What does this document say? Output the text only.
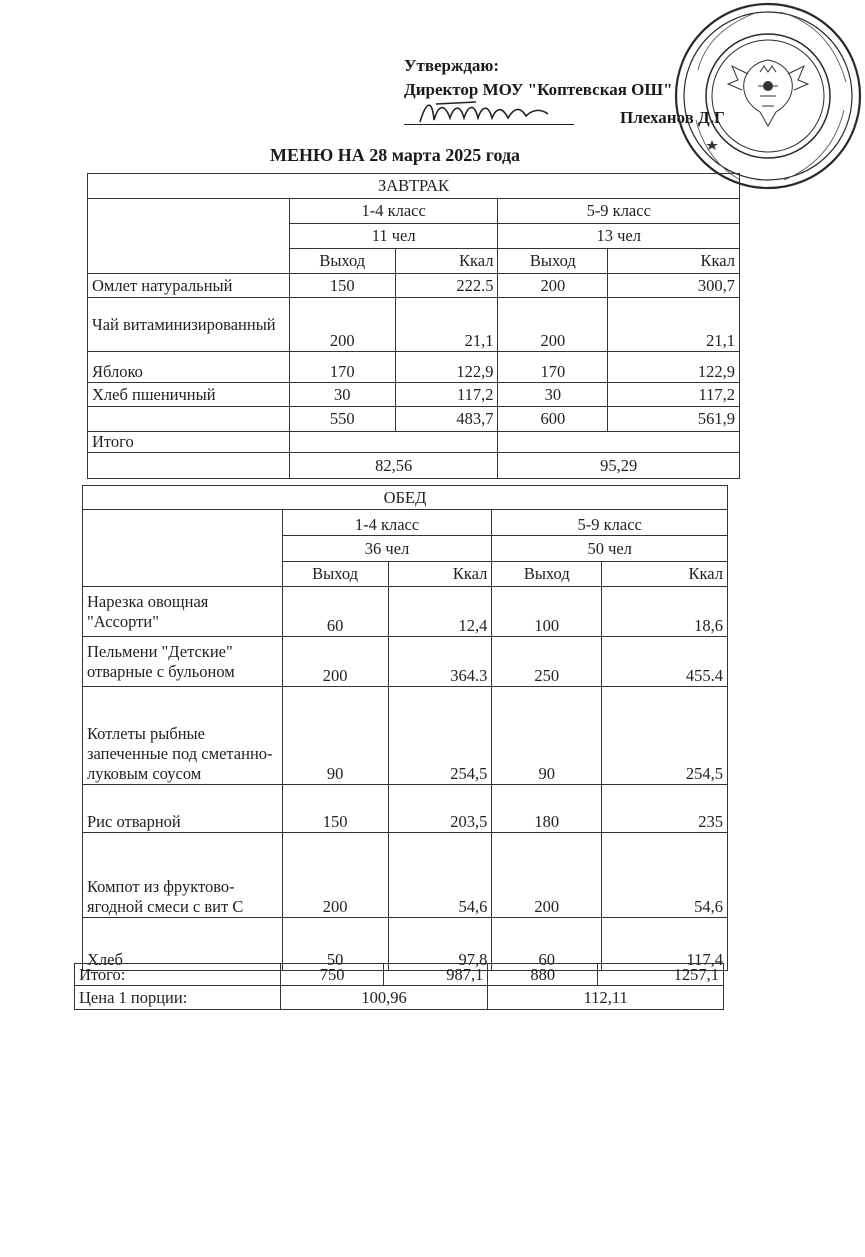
Утверждаю:
Директор МОУ "Коптевская ОШ"
Плеханов Д.Г
МЕНЮ НА 28 марта 2025 года
ЗАВТРАК				
	1-4 класс		5-9 класс	
	11 чел		13 чел	
	Выход	Ккал	Выход	Ккал
Омлет натуральный	150	222.5	200	300,7
Чай витаминизированный	200	21,1	200	21,1
Яблоко	170	122,9	170	122,9
Хлеб пшеничный	30	117,2	30	117,2
	550	483,7	600	561,9
Итого				
	82,56		95,29	
ОБЕД				
	1-4 класс		5-9 класс	
	36 чел		50 чел	
	Выход	Ккал	Выход	Ккал
Нарезка овощная "Ассорти"	60	12,4	100	18,6
Пельмени "Детские" отварные с бульоном	200	364.3	250	455.4
Котлеты рыбные запеченные под сметанно-луковым соусом	90	254,5	90	254,5
Рис отварной	150	203,5	180	235
Компот из фруктово-ягодной смеси с вит С	200	54,6	200	54,6
Хлеб	50	97,8	60	117,4
Итого:	750	987,1	880	1257,1
Цена 1 порции:	100,96		112,11	
